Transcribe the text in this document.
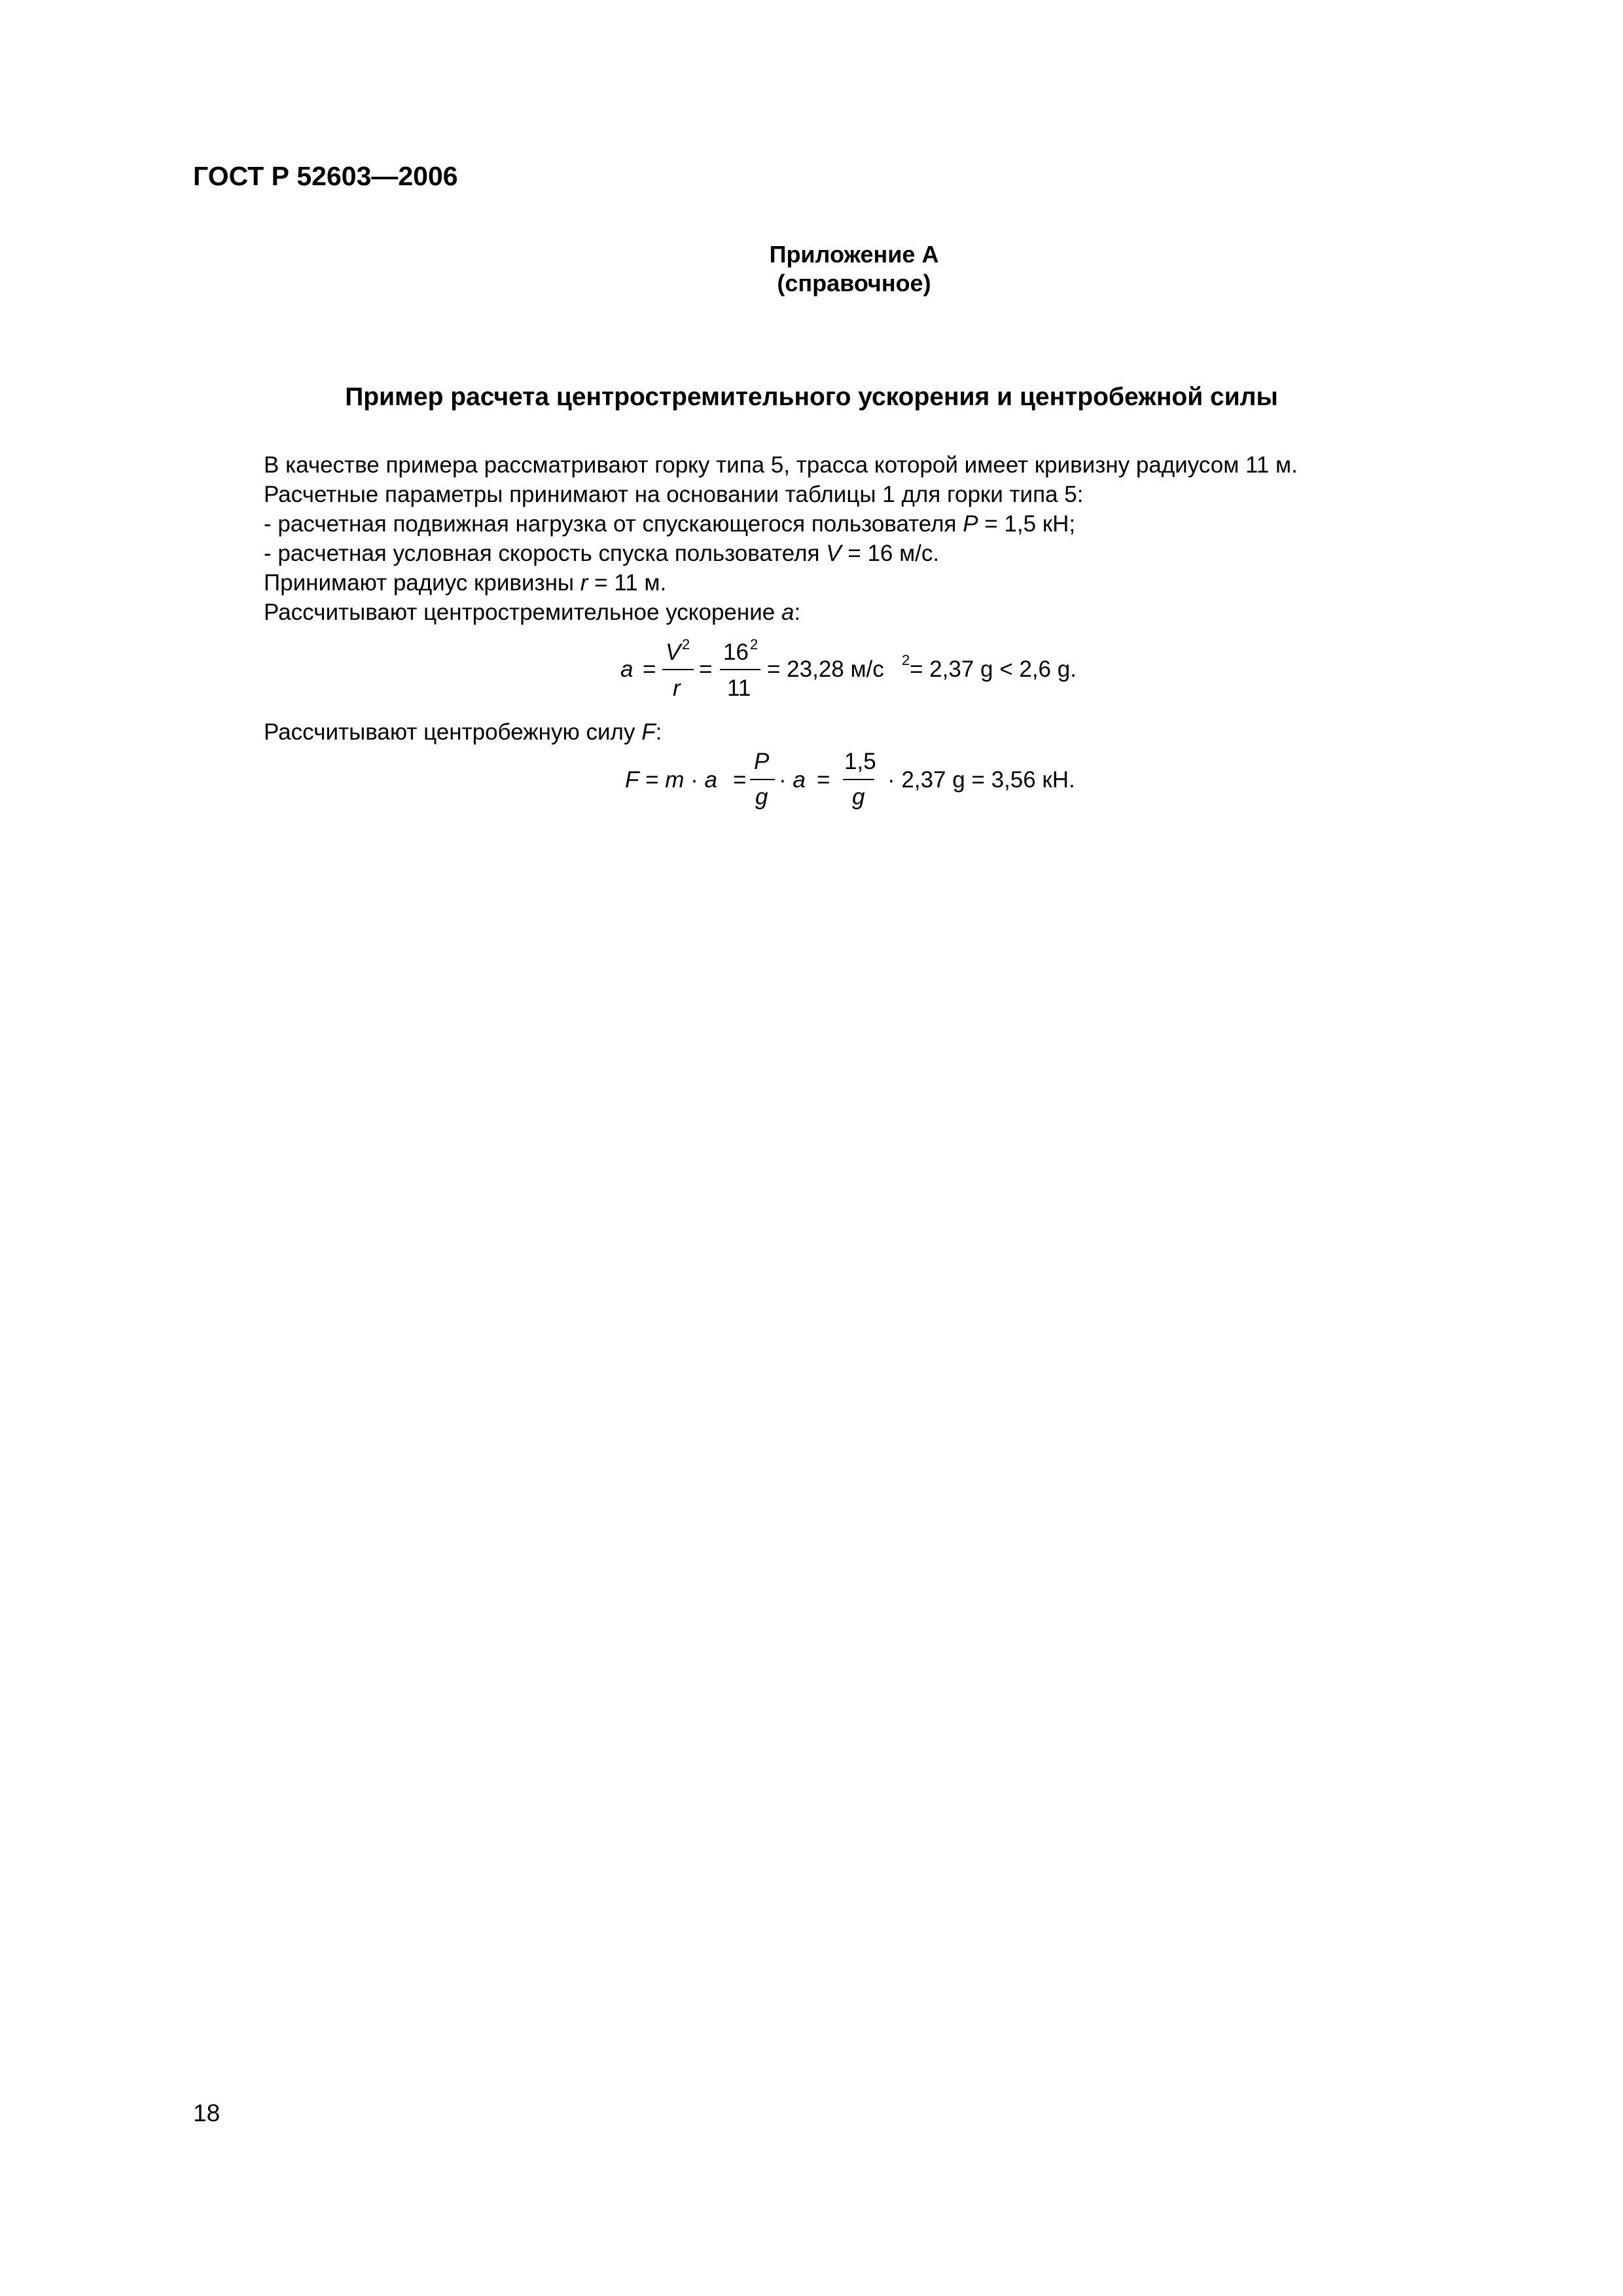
ГОСТ Р 52603—2006
Приложение А
(справочное)
Пример расчета центростремительного ускорения и центробежной силы
В качестве примера рассматривают горку типа 5, трасса которой имеет кривизну радиусом 11 м.
Расчетные параметры принимают на основании таблицы 1 для горки типа 5:
- расчетная подвижная нагрузка от спускающегося пользователя P = 1,5 кН;
- расчетная условная скорость спуска пользователя V = 16 м/с.
Принимают радиус кривизны r = 11 м.
Рассчитывают центростремительное ускорение a:
a =
V 2
r
=
16 2
11
= 23,28 м/с 2 = 2,37 g < 2,6 g.
Рассчитывают центробежную силу F:
F = m · a =
P
g
· a =
1,5
g
· 2,37 g = 3,56 кН.
18
